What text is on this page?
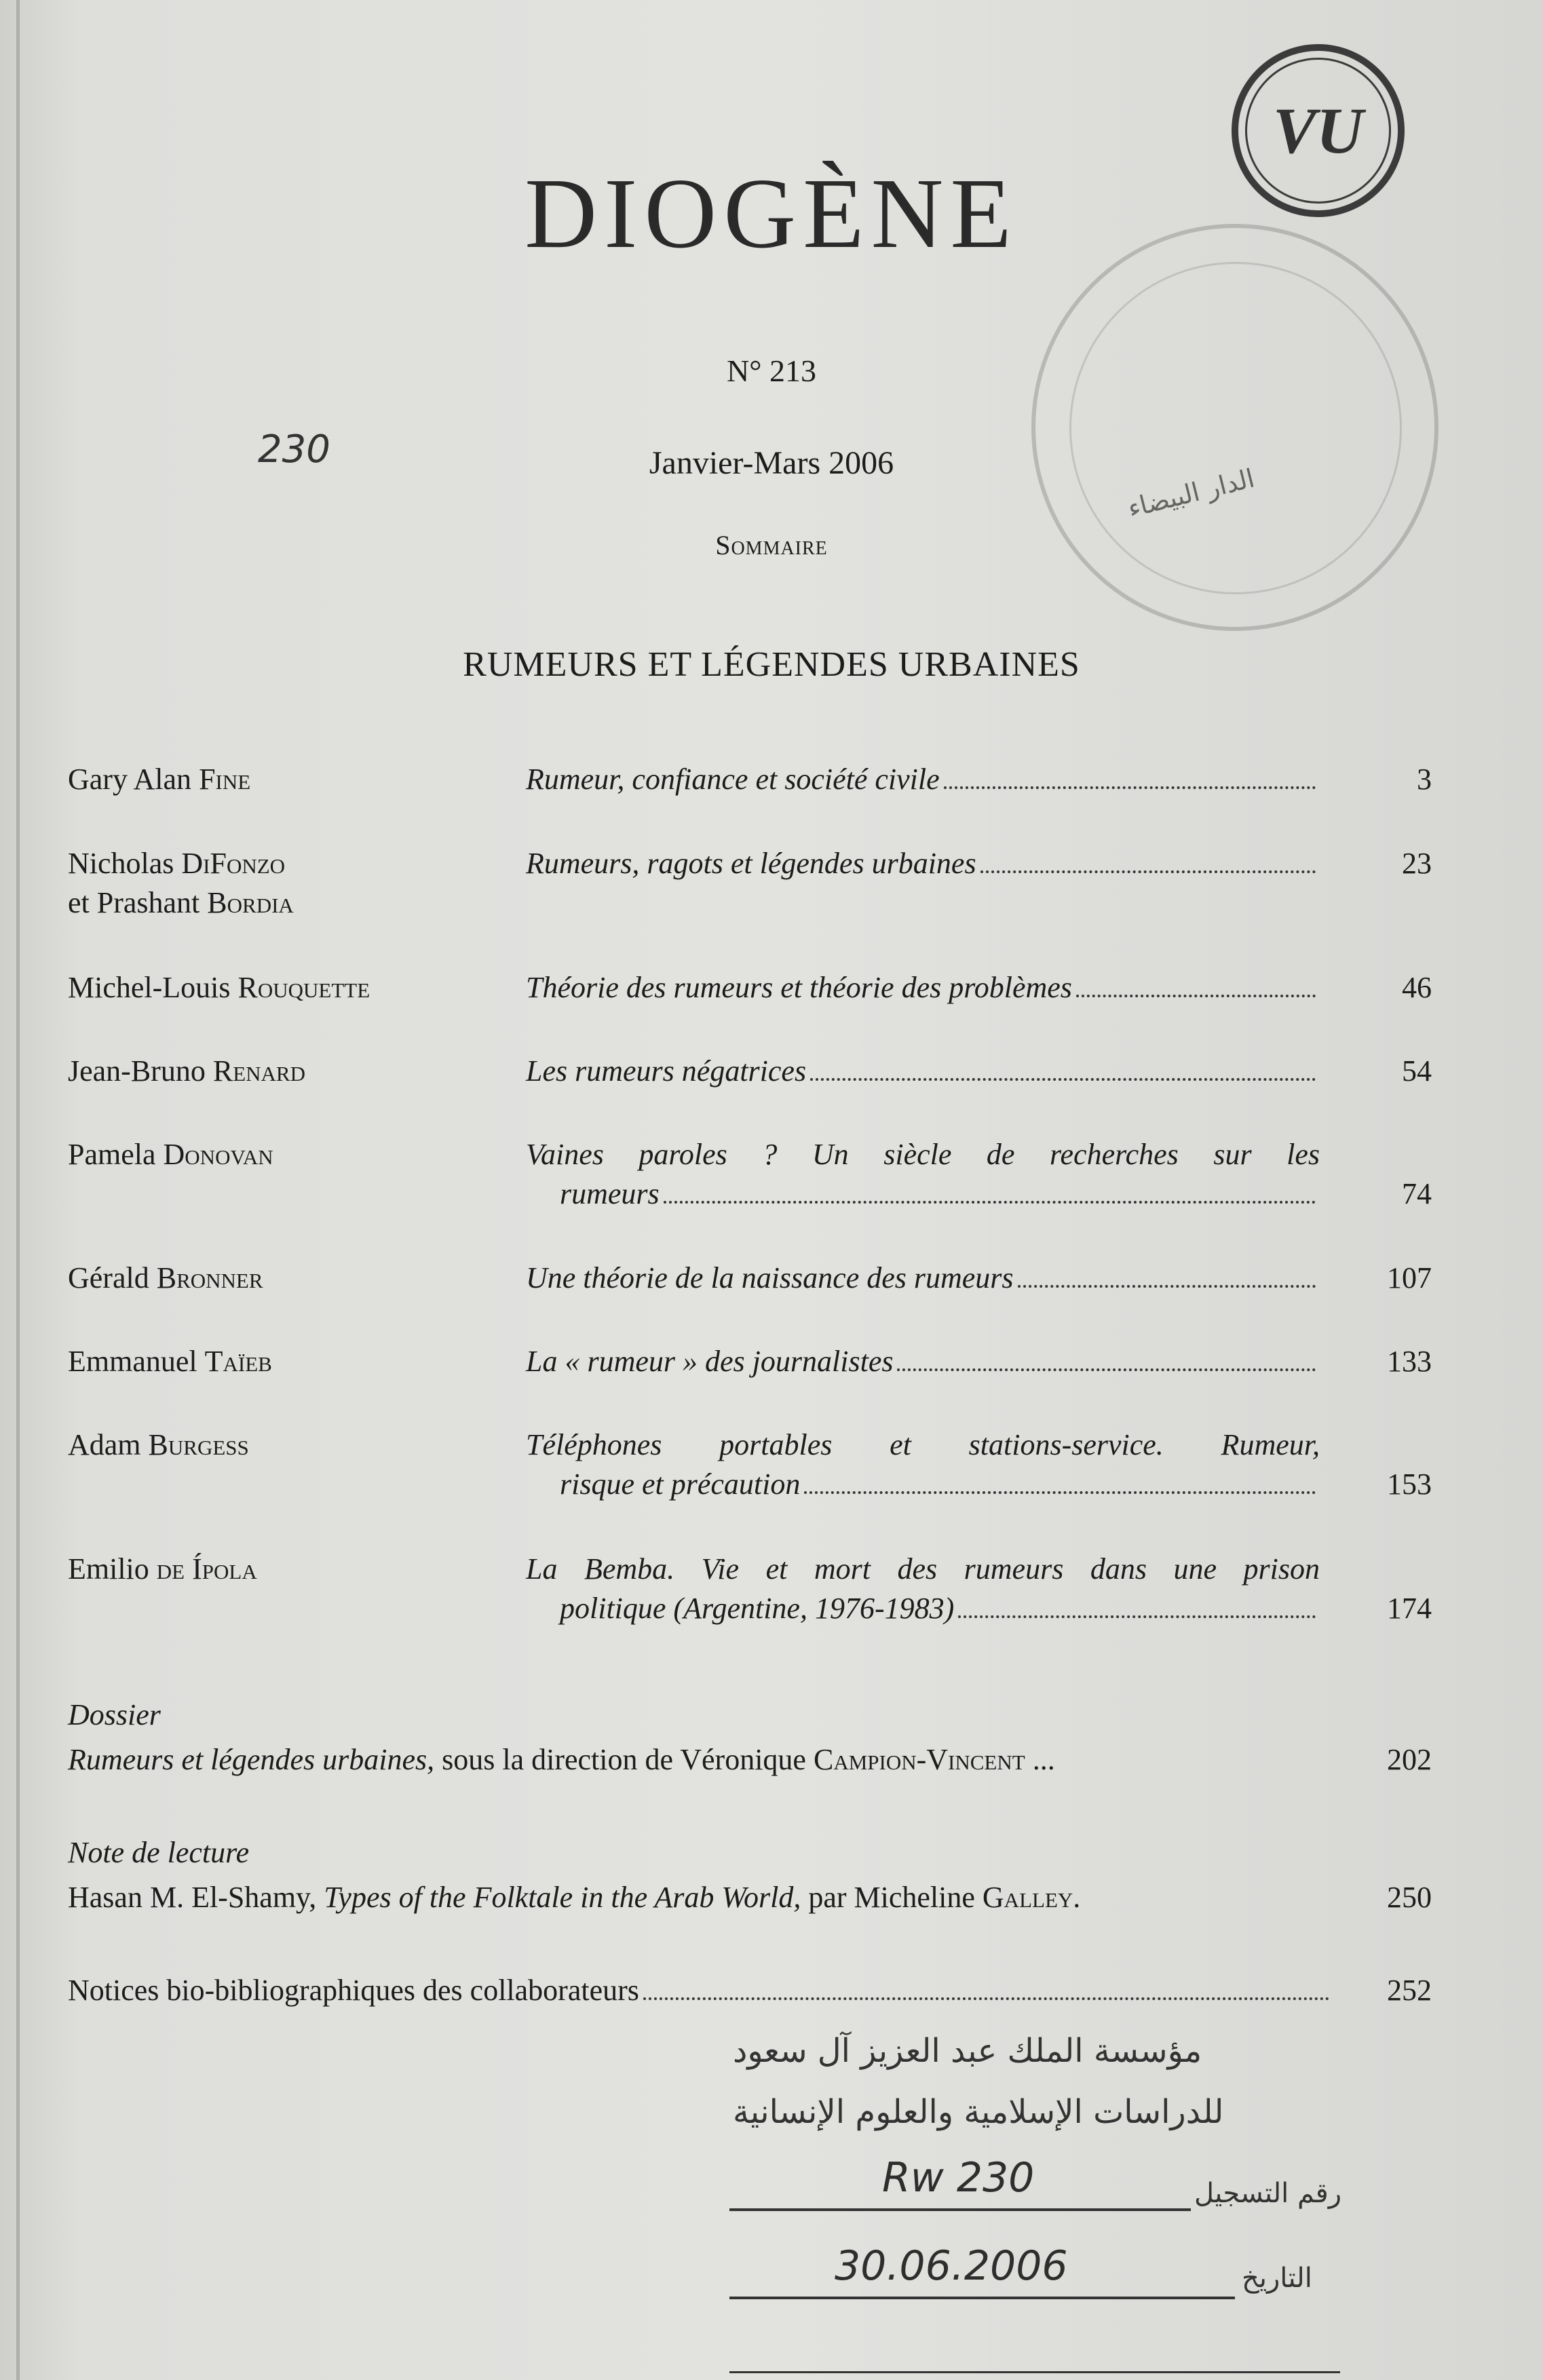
الدار البيضاء
VU
DIOGÈNE
N° 213
230	Janvier-Mars 2006
Sommaire
RUMEURS ET LÉGENDES URBAINES
Gary Alan Fine	Rumeur, confiance et société civile	3
Nicholas DiFonzo
et Prashant Bordia
Rumeurs, ragots et légendes urbaines	23
Michel-Louis Rouquette	Théorie des rumeurs et théorie des problèmes	46
Jean-Bruno Renard	Les rumeurs négatrices	54
Pamela Donovan	Vaines paroles ? Un siècle de recherches sur les
rumeurs	74
Gérald Bronner	Une théorie de la naissance des rumeurs	107
Emmanuel Taïeb	La « rumeur » des journalistes	133
Adam Burgess	Téléphones portables et stations-service. Rumeur,
risque et précaution	153
Emilio de Ípola	La Bemba. Vie et mort des rumeurs dans une prison
politique (Argentine, 1976-1983)	174
Dossier
Rumeurs et légendes urbaines, sous la direction de Véronique Campion-Vincent ...	202
Note de lecture
Hasan M. El-Shamy, Types of the Folktale in the Arab World, par Micheline Galley .	250
Notices bio-bibliographiques des collaborateurs	252
مؤسسة الملك عبد العزيز آل سعود
للدراسات الإسلامية والعلوم الإنسانية
رقم التسجيل
Rw 230
التاريخ
30.06.2006
